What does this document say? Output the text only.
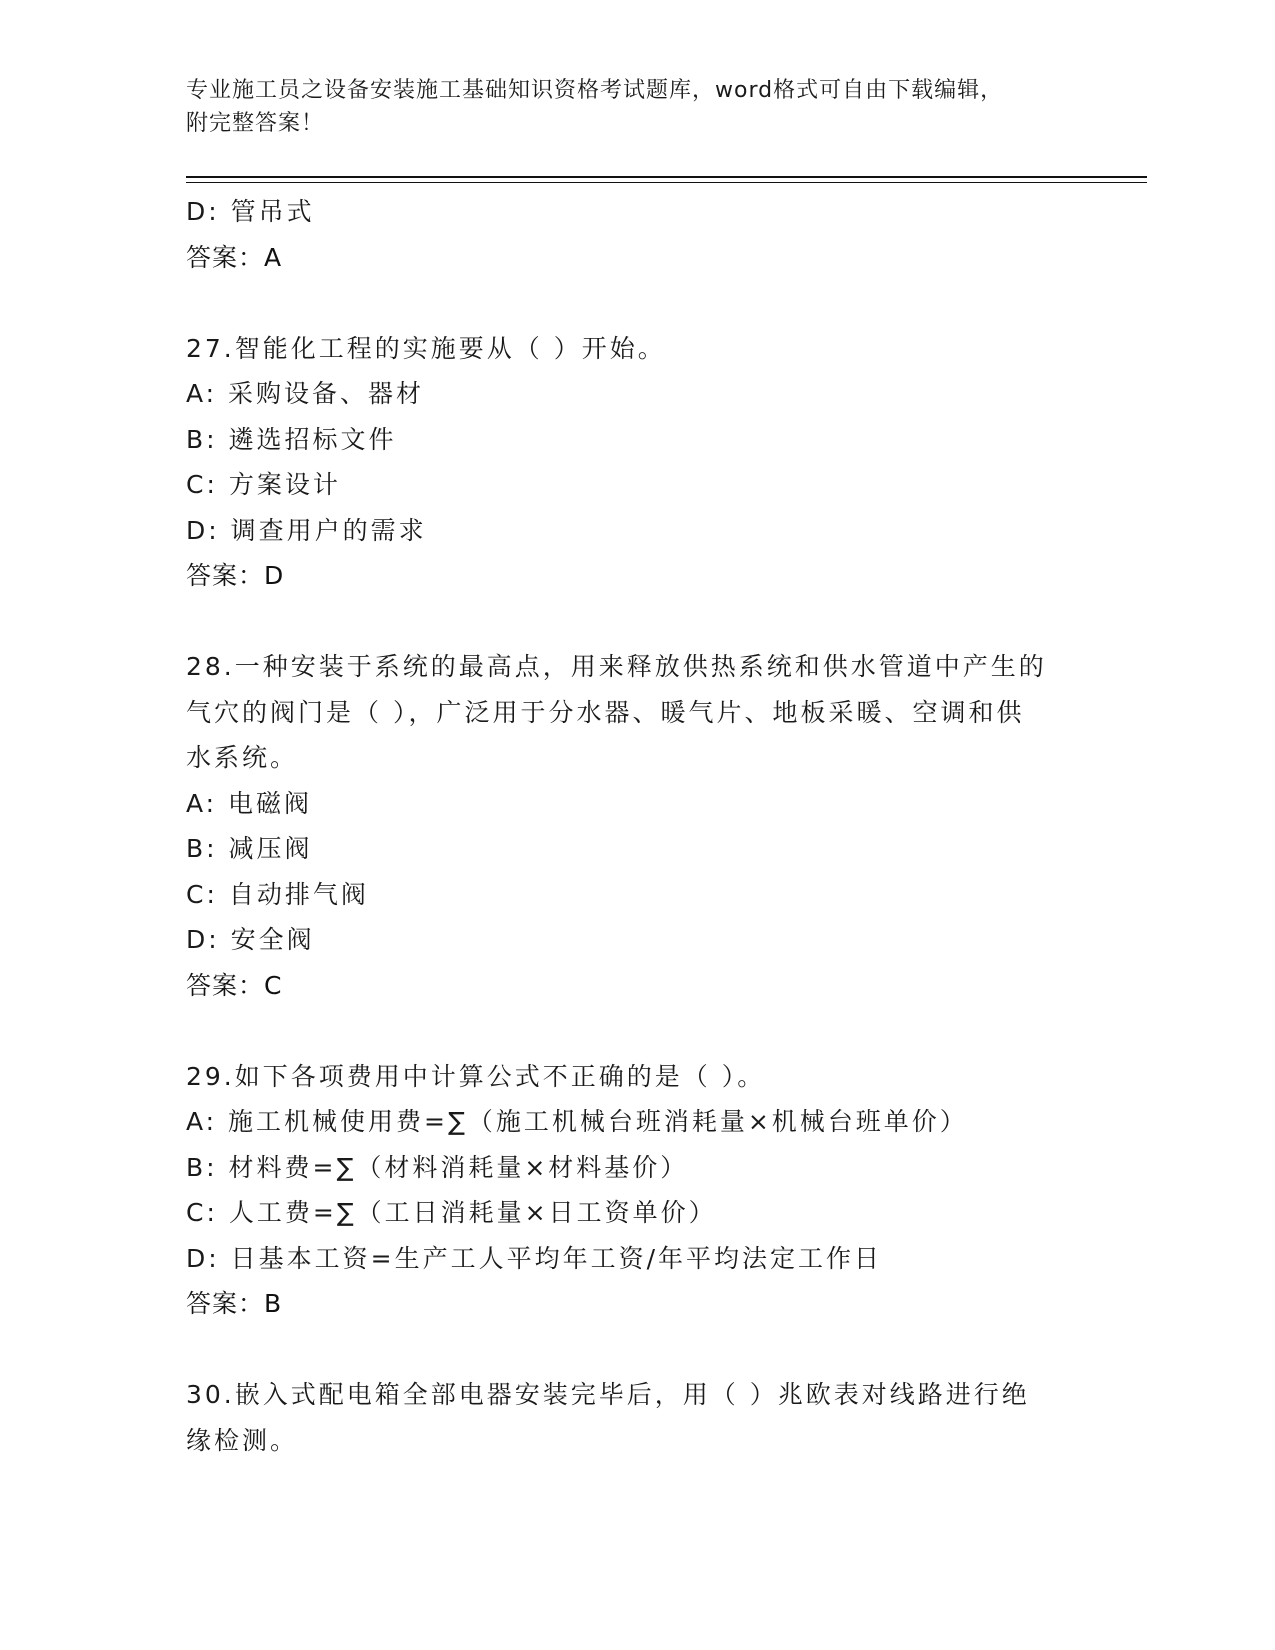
专业施工员之设备安装施工基础知识资格考试题库，word格式可自由下载编辑，
附完整答案！
D: 管吊式
答案：A
27.智能化工程的实施要从（ ）开始。
A: 采购设备、器材
B: 遴选招标文件
C: 方案设计
D: 调查用户的需求
答案：D
28.一种安装于系统的最高点，用来释放供热系统和供水管道中产生的
气穴的阀门是（ ），广泛用于分水器、暖气片、地板采暖、空调和供
水系统。
A: 电磁阀
B: 减压阀
C: 自动排气阀
D: 安全阀
答案：C
29.如下各项费用中计算公式不正确的是（ ）。
A: 施工机械使用费=∑（施工机械台班消耗量×机械台班单价）
B: 材料费=∑（材料消耗量×材料基价）
C: 人工费=∑（工日消耗量×日工资单价）
D: 日基本工资=生产工人平均年工资/年平均法定工作日
答案：B
30.嵌入式配电箱全部电器安装完毕后，用（ ）兆欧表对线路进行绝
缘检测。
